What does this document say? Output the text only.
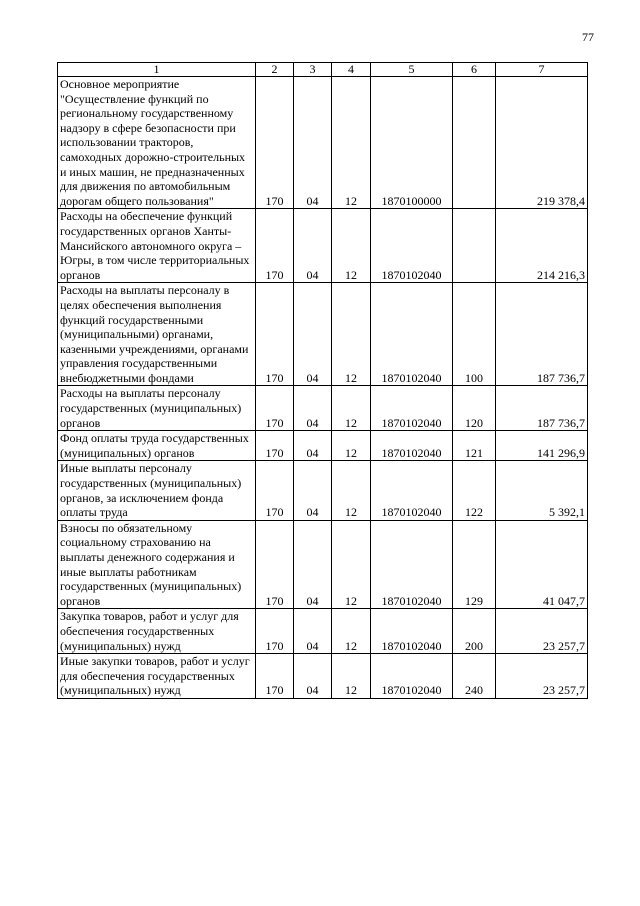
77
1	2	3	4	5	6	7
Основное мероприятие "Осуществление функций по региональному государственному надзору в сфере безопасности при использовании тракторов, самоходных дорожно-строительных и иных машин, не предназначенных для движения по автомобильным дорогам общего пользования"	170	04	12	1870100000		219 378,4
Расходы на обеспечение функций государственных органов Ханты-Мансийского автономного округа – Югры, в том числе территориальных органов	170	04	12	1870102040		214 216,3
Расходы на выплаты персоналу в целях обеспечения выполнения функций государственными (муниципальными) органами, казенными учреждениями, органами управления государственными внебюджетными фондами	170	04	12	1870102040	100	187 736,7
Расходы на выплаты персоналу государственных (муниципальных) органов	170	04	12	1870102040	120	187 736,7
Фонд оплаты труда государственных (муниципальных) органов	170	04	12	1870102040	121	141 296,9
Иные выплаты персоналу государственных (муниципальных) органов, за исключением фонда оплаты труда	170	04	12	1870102040	122	5 392,1
Взносы по обязательному социальному страхованию на выплаты денежного содержания и иные выплаты работникам государственных (муниципальных) органов	170	04	12	1870102040	129	41 047,7
Закупка товаров, работ и услуг для обеспечения государственных (муниципальных) нужд	170	04	12	1870102040	200	23 257,7
Иные закупки товаров, работ и услуг для обеспечения государственных (муниципальных) нужд	170	04	12	1870102040	240	23 257,7
